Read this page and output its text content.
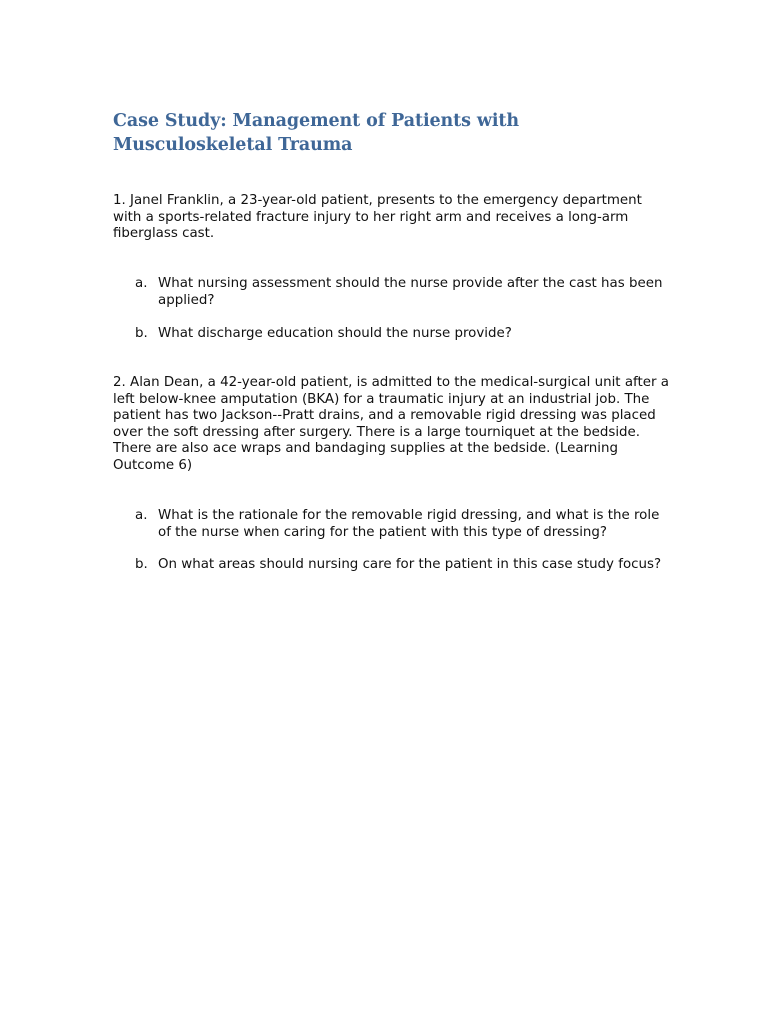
Case Study: Management of Patients with Musculoskeletal Trauma

1. Janel Franklin, a 23-year-old patient, presents to the emergency department with a sports-related fracture injury to her right arm and receives a long-arm fiberglass cast.

a. What nursing assessment should the nurse provide after the cast has been applied?
b. What discharge education should the nurse provide?

2. Alan Dean, a 42-year-old patient, is admitted to the medical-surgical unit after a left below-knee amputation (BKA) for a traumatic injury at an industrial job. The patient has two Jackson--Pratt drains, and a removable rigid dressing was placed over the soft dressing after surgery. There is a large tourniquet at the bedside. There are also ace wraps and bandaging supplies at the bedside. (Learning Outcome 6)

a. What is the rationale for the removable rigid dressing, and what is the role of the nurse when caring for the patient with this type of dressing?
b. On what areas should nursing care for the patient in this case study focus?
